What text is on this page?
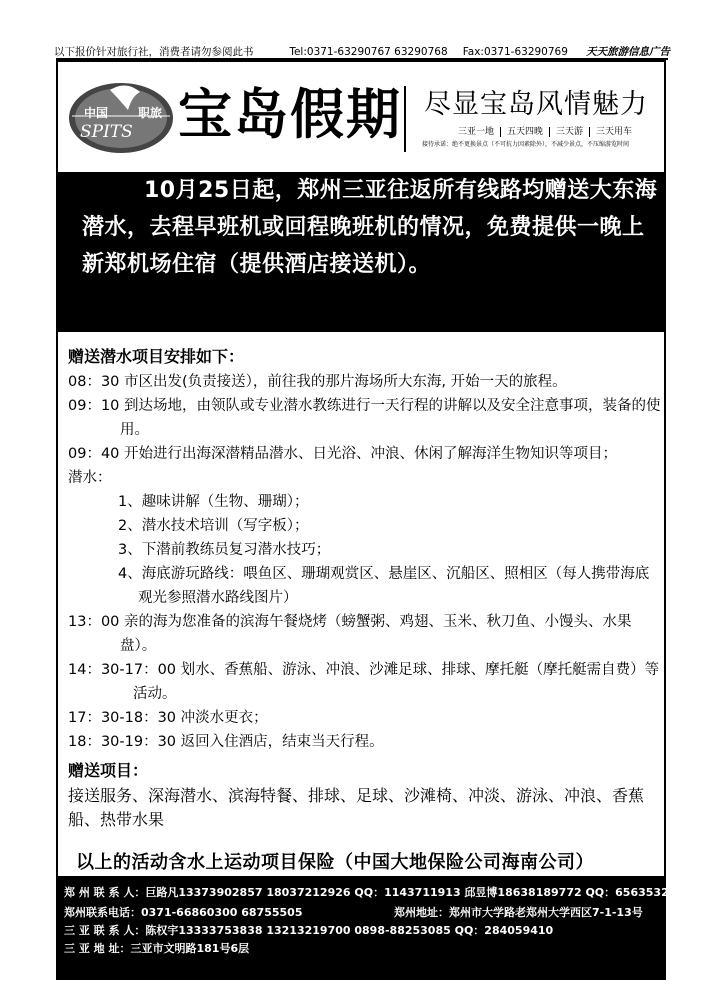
以下报价针对旅行社，消费者请勿参阅此书	Tel:0371-63290767 63290768 Fax:0371-63290769 天天旅游信息广告
中国 职旅
SPITS 宝岛假期 尽显宝岛风情魅力
三亚一地 五天四晚 三天游 三天用车
接待承诺：绝不更换景点（不可抗力因素除外），不减少景点，不压缩游览时间
10月25日起，郑州三亚往返所有线路均赠送大东海潜水，去程早班机或回程晚班机的情况，免费提供一晚上新郑机场住宿（提供酒店接送机）。

赠送潜水项目安排如下：

08：30 市区出发(负责接送），前往我的那片海场所大东海, 开始一天的旅程。

09：10 到达场地，由领队或专业潜水教练进行一天行程的讲解以及安全注意事项，装备的使用。

09：40 开始进行出海深潜精品潜水、日光浴、冲浪、休闲了解海洋生物知识等项目；

潜水：

1、趣味讲解（生物、珊瑚）；

2、潜水技术培训（写字板）；

3、下潜前教练员复习潜水技巧；

4、海底游玩路线：喂鱼区、珊瑚观赏区、悬崖区、沉船区、照相区（每人携带海底观光参照潜水路线图片）

13：00 亲的海为您准备的滨海午餐烧烤（螃蟹粥、鸡翅、玉米、秋刀鱼、小馒头、水果盘）。

14：30-17：00 划水、香蕉船、游泳、冲浪、沙滩足球、排球、摩托艇（摩托艇需自费）等活动。

17：30-18：30 冲淡水更衣；

18：30-19：30 返回入住酒店，结束当天行程。

赠送项目：

接送服务、深海潜水、滨海特餐、排球、足球、沙滩椅、冲淡、游泳、冲浪、香蕉船、热带水果

以上的活动含水上运动项目保险（中国大地保险公司海南公司）
郑 州 联 系 人：巨路凡13373902857 18037212926 QQ：1143711913 邱昱博18638189772 QQ：656353236
郑州联系电话：0371-66860300 68755505	郑州地址：郑州市大学路老郑州大学西区7-1-13号
三 亚 联 系 人：陈权宇13333753838 13213219700 0898-88253085 QQ：284059410
三 亚 地 址：三亚市文明路181号6层
网刊同步《天天旅游》电子版：www.ttly.cn	— A075 —	用户名：ttly 密码：ttly	1222-WJ
